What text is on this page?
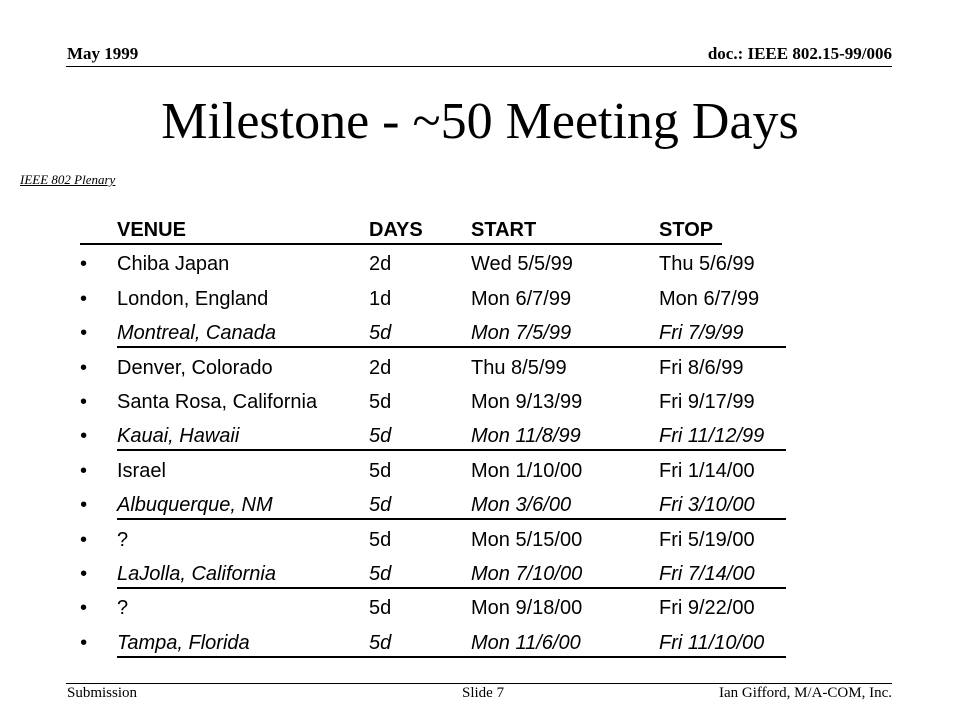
May 1999	doc.: IEEE 802.15-99/006
Milestone - ~50 Meeting Days
IEEE 802 Plenary
VENUE	DAYS START	STOP
• Chiba Japan	2d	Wed 5/5/99	Thu 5/6/99
• London, England	1d	Mon 6/7/99	Mon 6/7/99
• Montreal, Canada	5d	Mon 7/5/99	Fri 7/9/99
• Denver, Colorado	2d	Thu 8/5/99	Fri 8/6/99
• Santa Rosa, California	5d	Mon 9/13/99	Fri 9/17/99
• Kauai, Hawaii	5d	Mon 11/8/99	Fri 11/12/99
• Israel	5d	Mon 1/10/00	Fri 1/14/00
• Albuquerque, NM	5d	Mon 3/6/00	Fri 3/10/00
• ?	5d	Mon 5/15/00	Fri 5/19/00
• LaJolla, California	5d	Mon 7/10/00	Fri 7/14/00
• ?	5d	Mon 9/18/00	Fri 9/22/00
• Tampa, Florida	5d	Mon 11/6/00	Fri 11/10/00
Submission	Slide 7	Ian Gifford, M/A-COM, Inc.
